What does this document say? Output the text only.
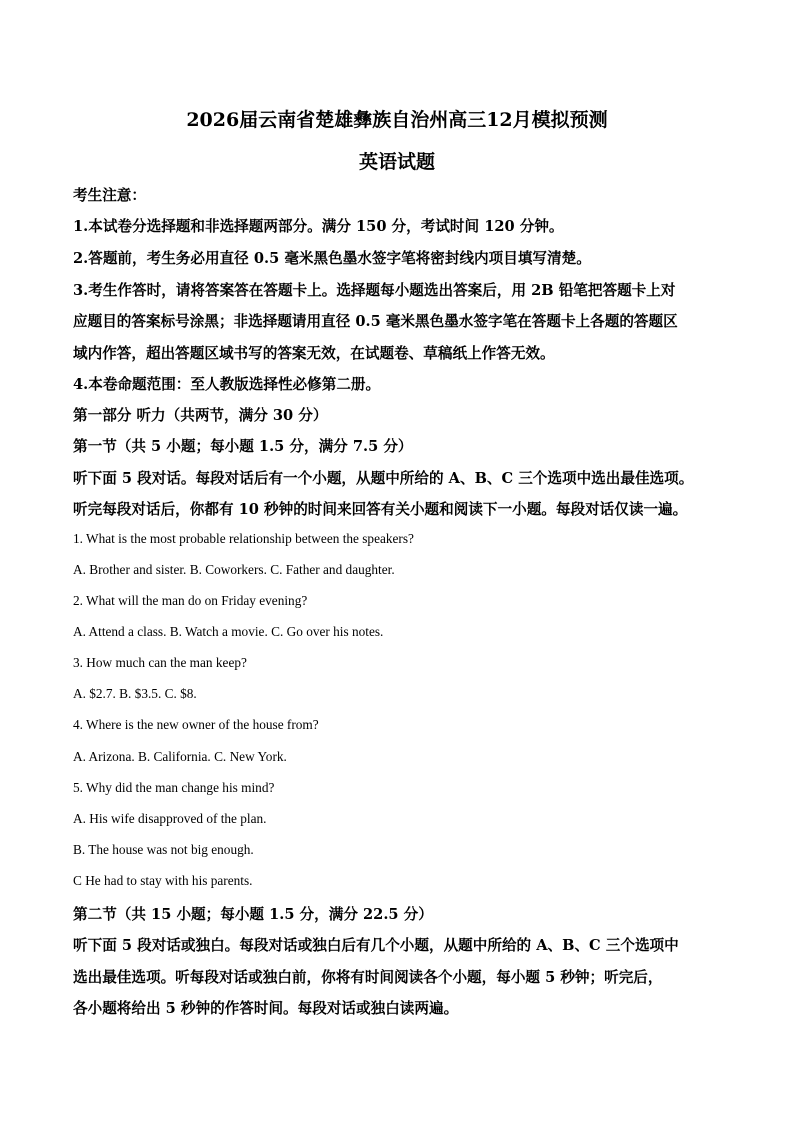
2026届云南省楚雄彝族自治州高三12月模拟预测
英语试题
考生注意：
1.本试卷分选择题和非选择题两部分。满分 150 分，考试时间 120 分钟。
2.答题前，考生务必用直径 0.5 毫米黑色墨水签字笔将密封线内项目填写清楚。
3.考生作答时，请将答案答在答题卡上。选择题每小题选出答案后，用 2B 铅笔把答题卡上对
应题目的答案标号涂黑；非选择题请用直径 0.5 毫米黑色墨水签字笔在答题卡上各题的答题区
域内作答，超出答题区域书写的答案无效，在试题卷、草稿纸上作答无效。
4.本卷命题范围：至人教版选择性必修第二册。
第一部分 听力（共两节，满分 30 分）
第一节（共 5 小题；每小题 1.5 分，满分 7.5 分）
听下面 5 段对话。每段对话后有一个小题，从题中所给的 A、B、C 三个选项中选出最佳选项。
听完每段对话后，你都有 10 秒钟的时间来回答有关小题和阅读下一小题。每段对话仅读一遍。
1. What is the most probable relationship between the speakers?
A. Brother and sister. B. Coworkers. C. Father and daughter.
2. What will the man do on Friday evening?
A. Attend a class. B. Watch a movie. C. Go over his notes.
3. How much can the man keep?
A. $2.7. B. $3.5. C. $8.
4. Where is the new owner of the house from?
A. Arizona. B. California. C. New York.
5. Why did the man change his mind?
A. His wife disapproved of the plan.
B. The house was not big enough.
C He had to stay with his parents.
第二节（共 15 小题；每小题 1.5 分，满分 22.5 分）
听下面 5 段对话或独白。每段对话或独白后有几个小题，从题中所给的 A、B、C 三个选项中
选出最佳选项。听每段对话或独白前，你将有时间阅读各个小题，每小题 5 秒钟；听完后，
各小题将给出 5 秒钟的作答时间。每段对话或独白读两遍。
